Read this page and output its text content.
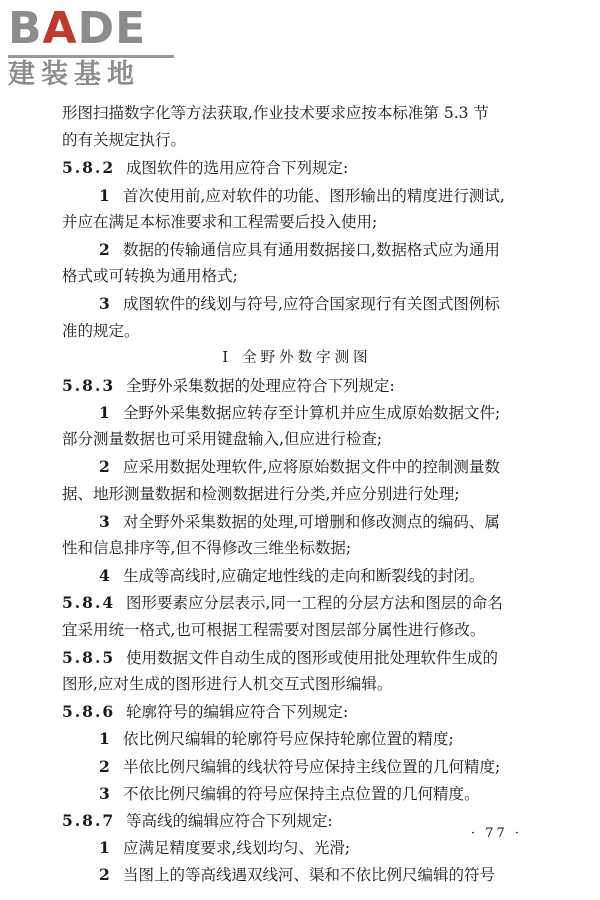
BADE
建装基地
形图扫描数字化等方法获取,作业技术要求应按本标准第 5.3 节
的有关规定执行。
5.8.2 成图软件的选用应符合下列规定:
1 首次使用前,应对软件的功能、图形输出的精度进行测试,
并应在满足本标准要求和工程需要后投入使用;
2 数据的传输通信应具有通用数据接口,数据格式应为通用
格式或可转换为通用格式;
3 成图软件的线划与符号,应符合国家现行有关图式图例标
准的规定。
Ⅰ 全野外数字测图
5.8.3 全野外采集数据的处理应符合下列规定:
1 全野外采集数据应转存至计算机并应生成原始数据文件;
部分测量数据也可采用键盘输入,但应进行检查;
2 应采用数据处理软件,应将原始数据文件中的控制测量数
据、地形测量数据和检测数据进行分类,并应分别进行处理;
3 对全野外采集数据的处理,可增删和修改测点的编码、属
性和信息排序等,但不得修改三维坐标数据;
4 生成等高线时,应确定地性线的走向和断裂线的封闭。
5.8.4 图形要素应分层表示,同一工程的分层方法和图层的命名
宜采用统一格式,也可根据工程需要对图层部分属性进行修改。
5.8.5 使用数据文件自动生成的图形或使用批处理软件生成的
图形,应对生成的图形进行人机交互式图形编辑。
5.8.6 轮廓符号的编辑应符合下列规定:
1 依比例尺编辑的轮廓符号应保持轮廓位置的精度;
2 半依比例尺编辑的线状符号应保持主线位置的几何精度;
3 不依比例尺编辑的符号应保持主点位置的几何精度。
5.8.7 等高线的编辑应符合下列规定:
1 应满足精度要求,线划均匀、光滑;
2 当图上的等高线遇双线河、渠和不依比例尺编辑的符号
· 77 ·
